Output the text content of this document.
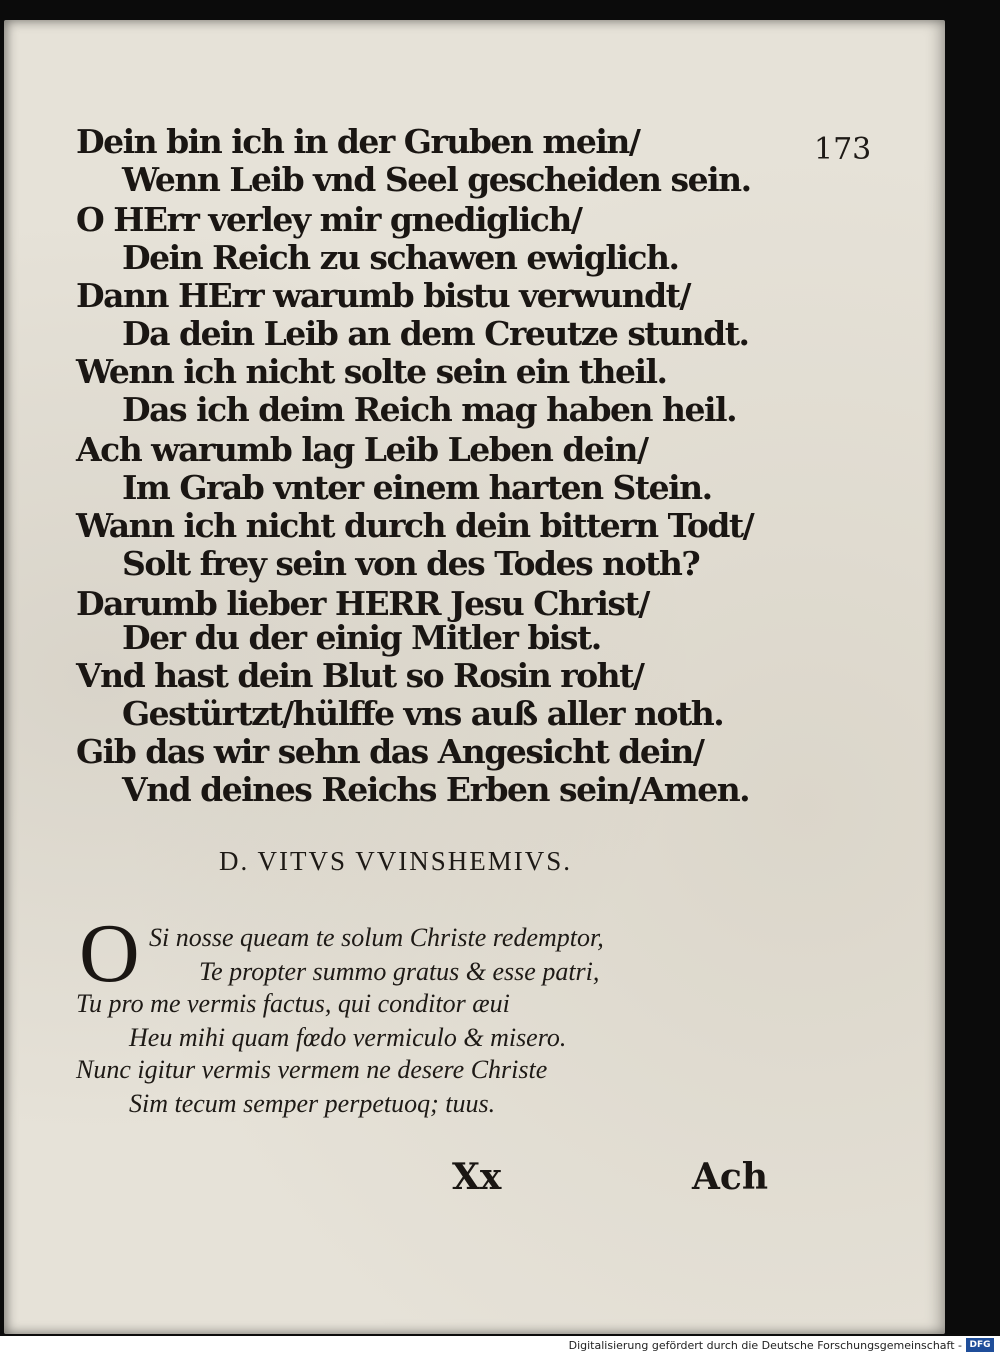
173
Dein bin ich in der Gruben mein/
Wenn Leib vnd Seel gescheiden sein.
O HErr verley mir gnediglich/
Dein Reich zu schawen ewiglich.
Dann HErr warumb bistu verwundt/
Da dein Leib an dem Creutze stundt.
Wenn ich nicht solte sein ein theil.
Das ich deim Reich mag haben heil.
Ach warumb lag Leib Leben dein/
Im Grab vnter einem harten Stein.
Wann ich nicht durch dein bittern Todt/
Solt frey sein von des Todes noth?
Darumb lieber HERR Jesu Christ/
Der du der einig Mitler bist.
Vnd hast dein Blut so Rosin roht/
Gestürtzt/hülffe vns auß aller noth.
Gib das wir sehn das Angesicht dein/
Vnd deines Reichs Erben sein/Amen.
D. VITVS VVINSHEMIVS.
O Si nosse queam te solum Christe redemptor,
Te propter summo gratus & esse patri,
Tu pro me vermis factus, qui conditor æui
Heu mihi quam fœdo vermiculo & misero.
Nunc igitur vermis vermem ne desere Christe
Sim tecum semper perpetuoq; tuus.
Xx	Ach
Digitalisierung gefördert durch die Deutsche Forschungsgemeinschaft - DFG
